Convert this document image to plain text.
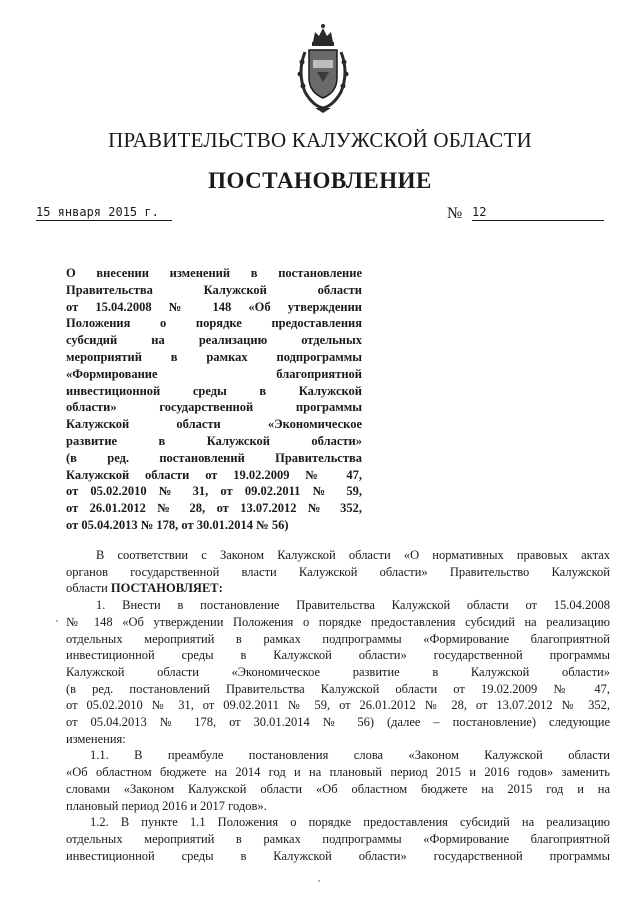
ПРАВИТЕЛЬСТВО КАЛУЖСКОЙ ОБЛАСТИ
ПОСТАНОВЛЕНИЕ
15 января 2015 г.	№ 12
О внесении изменений в постановление
Правительства Калужской области
от 15.04.2008 № 148 «Об утверждении
Положения о порядке предоставления
субсидий на реализацию отдельных
мероприятий в рамках подпрограммы
«Формирование благоприятной
инвестиционной среды в Калужской
области» государственной программы
Калужской области «Экономическое
развитие в Калужской области»
(в ред. постановлений Правительства
Калужской области от 19.02.2009 № 47,
от 05.02.2010 № 31, от 09.02.2011 № 59,
от 26.01.2012 № 28, от 13.07.2012 № 352,
от 05.04.2013 № 178, от 30.01.2014 № 56)

В соответствии с Законом Калужской области «О нормативных правовых актах
органов государственной власти Калужской области» Правительство Калужской
области ПОСТАНОВЛЯЕТ:

1. Внести в постановление Правительства Калужской области от 15.04.2008
№ 148 «Об утверждении Положения о порядке предоставления субсидий на реализацию
отдельных мероприятий в рамках подпрограммы «Формирование благоприятной
инвестиционной среды в Калужской области» государственной программы
Калужской области «Экономическое развитие в Калужской области»
(в ред. постановлений Правительства Калужской области от 19.02.2009 № 47,
от 05.02.2010 № 31, от 09.02.2011 № 59, от 26.01.2012 № 28, от 13.07.2012 № 352,
от 05.04.2013 № 178, от 30.01.2014 № 56) (далее – постановление) следующие
изменения:

1.1. В преамбуле постановления слова «Законом Калужской области
«Об областном бюджете на 2014 год и на плановый период 2015 и 2016 годов» заменить
словами «Законом Калужской области «Об областном бюджете на 2015 год и на
плановый период 2016 и 2017 годов».

1.2. В пункте 1.1 Положения о порядке предоставления субсидий на реализацию
отдельных мероприятий в рамках подпрограммы «Формирование благоприятной
инвестиционной среды в Калужской области» государственной программы
